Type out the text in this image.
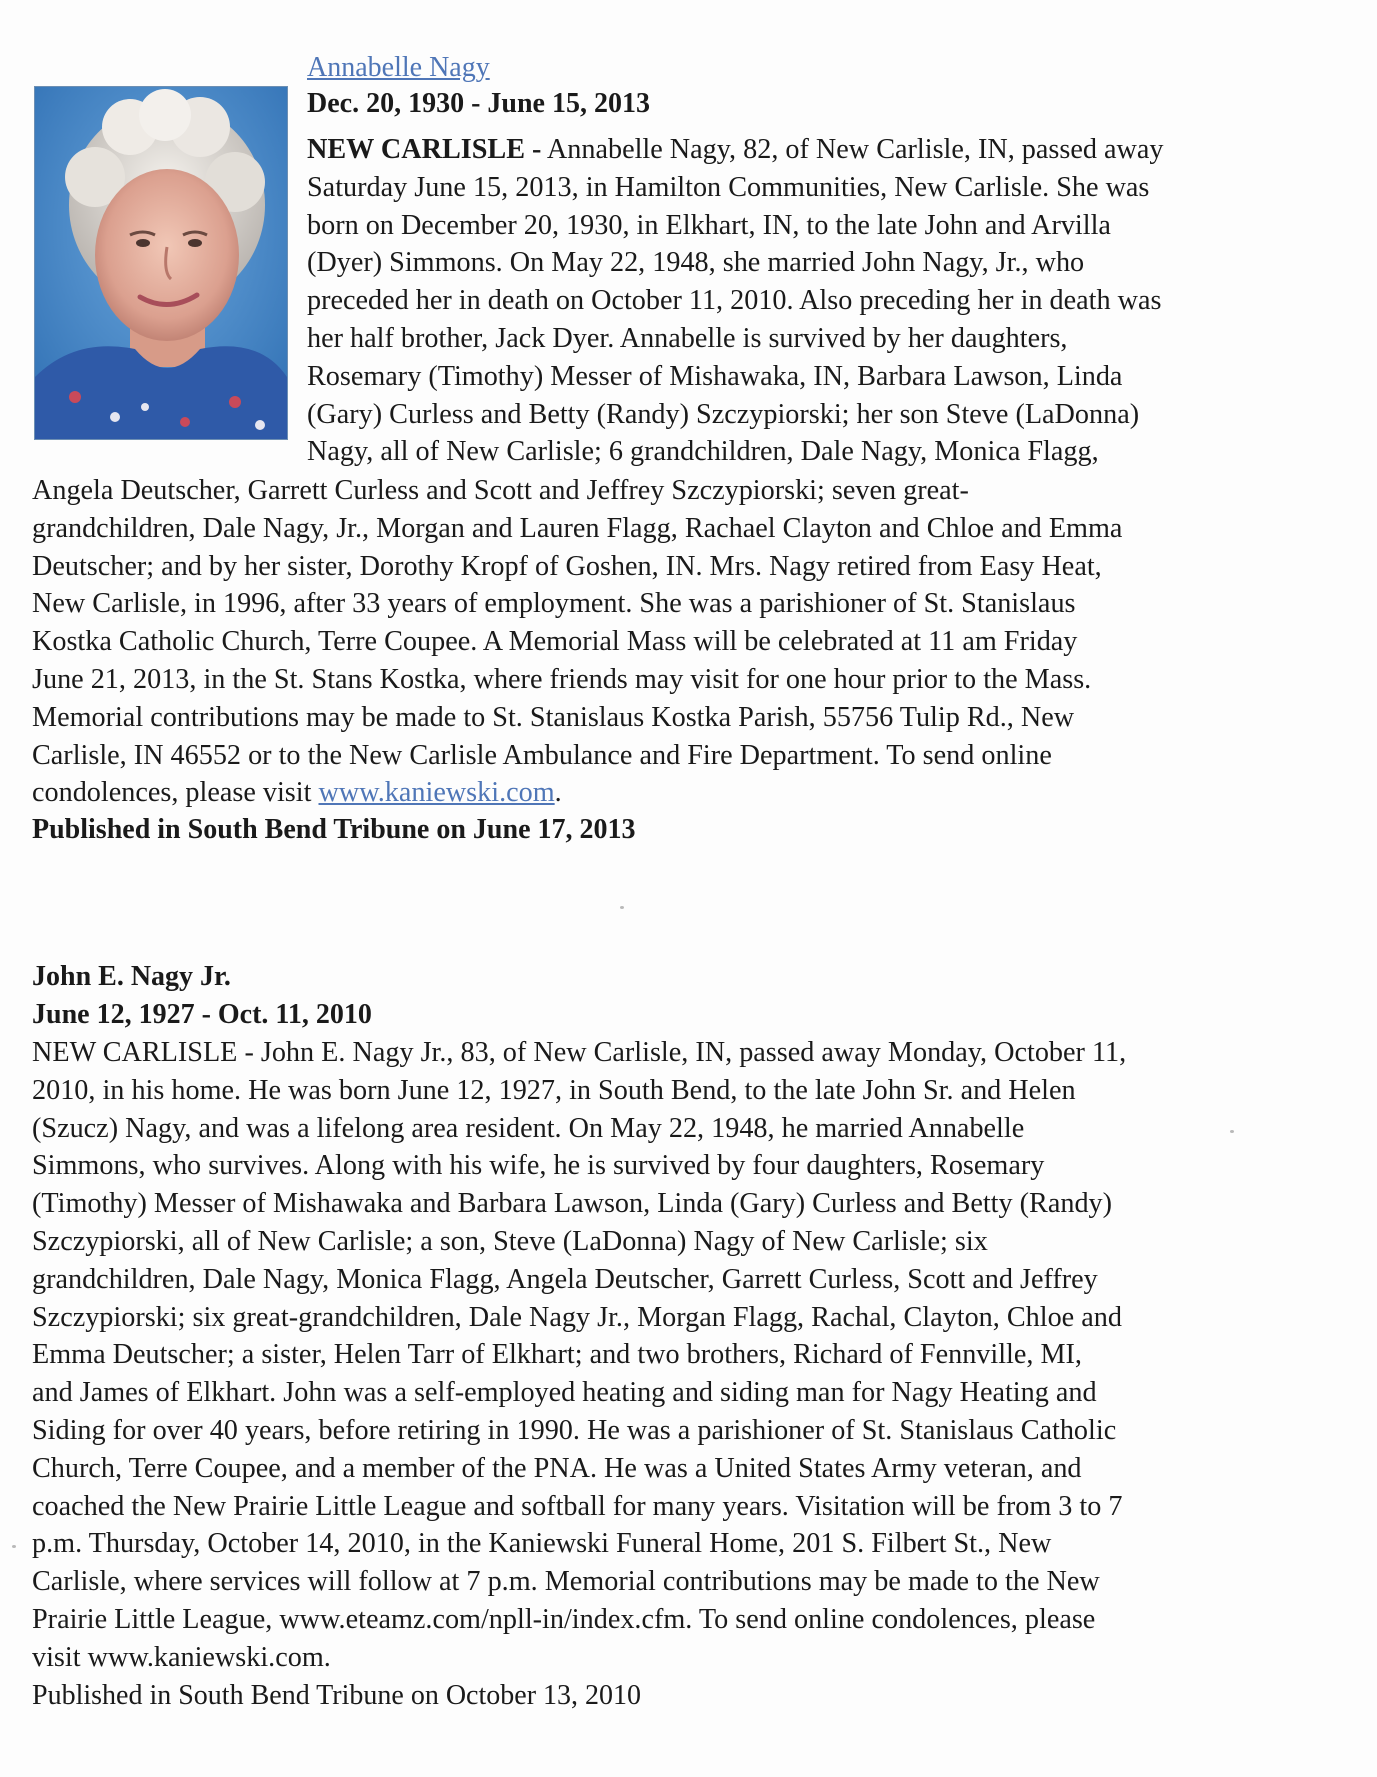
Annabelle Nagy
Dec. 20, 1930 - June 15, 2013
NEW CARLISLE - Annabelle Nagy, 82, of New Carlisle, IN, passed away
Saturday June 15, 2013, in Hamilton Communities, New Carlisle. She was
born on December 20, 1930, in Elkhart, IN, to the late John and Arvilla
(Dyer) Simmons. On May 22, 1948, she married John Nagy, Jr., who
preceded her in death on October 11, 2010. Also preceding her in death was
her half brother, Jack Dyer. Annabelle is survived by her daughters,
Rosemary (Timothy) Messer of Mishawaka, IN, Barbara Lawson, Linda
(Gary) Curless and Betty (Randy) Szczypiorski; her son Steve (LaDonna)
Nagy, all of New Carlisle; 6 grandchildren, Dale Nagy, Monica Flagg,
Angela Deutscher, Garrett Curless and Scott and Jeffrey Szczypiorski; seven great-
grandchildren, Dale Nagy, Jr., Morgan and Lauren Flagg, Rachael Clayton and Chloe and Emma
Deutscher; and by her sister, Dorothy Kropf of Goshen, IN. Mrs. Nagy retired from Easy Heat,
New Carlisle, in 1996, after 33 years of employment. She was a parishioner of St. Stanislaus
Kostka Catholic Church, Terre Coupee. A Memorial Mass will be celebrated at 11 am Friday
June 21, 2013, in the St. Stans Kostka, where friends may visit for one hour prior to the Mass.
Memorial contributions may be made to St. Stanislaus Kostka Parish, 55756 Tulip Rd., New
Carlisle, IN 46552 or to the New Carlisle Ambulance and Fire Department. To send online
condolences, please visit www.kaniewski.com.
Published in South Bend Tribune on June 17, 2013
John E. Nagy Jr.
June 12, 1927 - Oct. 11, 2010
NEW CARLISLE - John E. Nagy Jr., 83, of New Carlisle, IN, passed away Monday, October 11,
2010, in his home. He was born June 12, 1927, in South Bend, to the late John Sr. and Helen
(Szucz) Nagy, and was a lifelong area resident. On May 22, 1948, he married Annabelle
Simmons, who survives. Along with his wife, he is survived by four daughters, Rosemary
(Timothy) Messer of Mishawaka and Barbara Lawson, Linda (Gary) Curless and Betty (Randy)
Szczypiorski, all of New Carlisle; a son, Steve (LaDonna) Nagy of New Carlisle; six
grandchildren, Dale Nagy, Monica Flagg, Angela Deutscher, Garrett Curless, Scott and Jeffrey
Szczypiorski; six great-grandchildren, Dale Nagy Jr., Morgan Flagg, Rachal, Clayton, Chloe and
Emma Deutscher; a sister, Helen Tarr of Elkhart; and two brothers, Richard of Fennville, MI,
and James of Elkhart. John was a self-employed heating and siding man for Nagy Heating and
Siding for over 40 years, before retiring in 1990. He was a parishioner of St. Stanislaus Catholic
Church, Terre Coupee, and a member of the PNA. He was a United States Army veteran, and
coached the New Prairie Little League and softball for many years. Visitation will be from 3 to 7
p.m. Thursday, October 14, 2010, in the Kaniewski Funeral Home, 201 S. Filbert St., New
Carlisle, where services will follow at 7 p.m. Memorial contributions may be made to the New
Prairie Little League, www.eteamz.com/npll-in/index.cfm. To send online condolences, please
visit www.kaniewski.com.
Published in South Bend Tribune on October 13, 2010
